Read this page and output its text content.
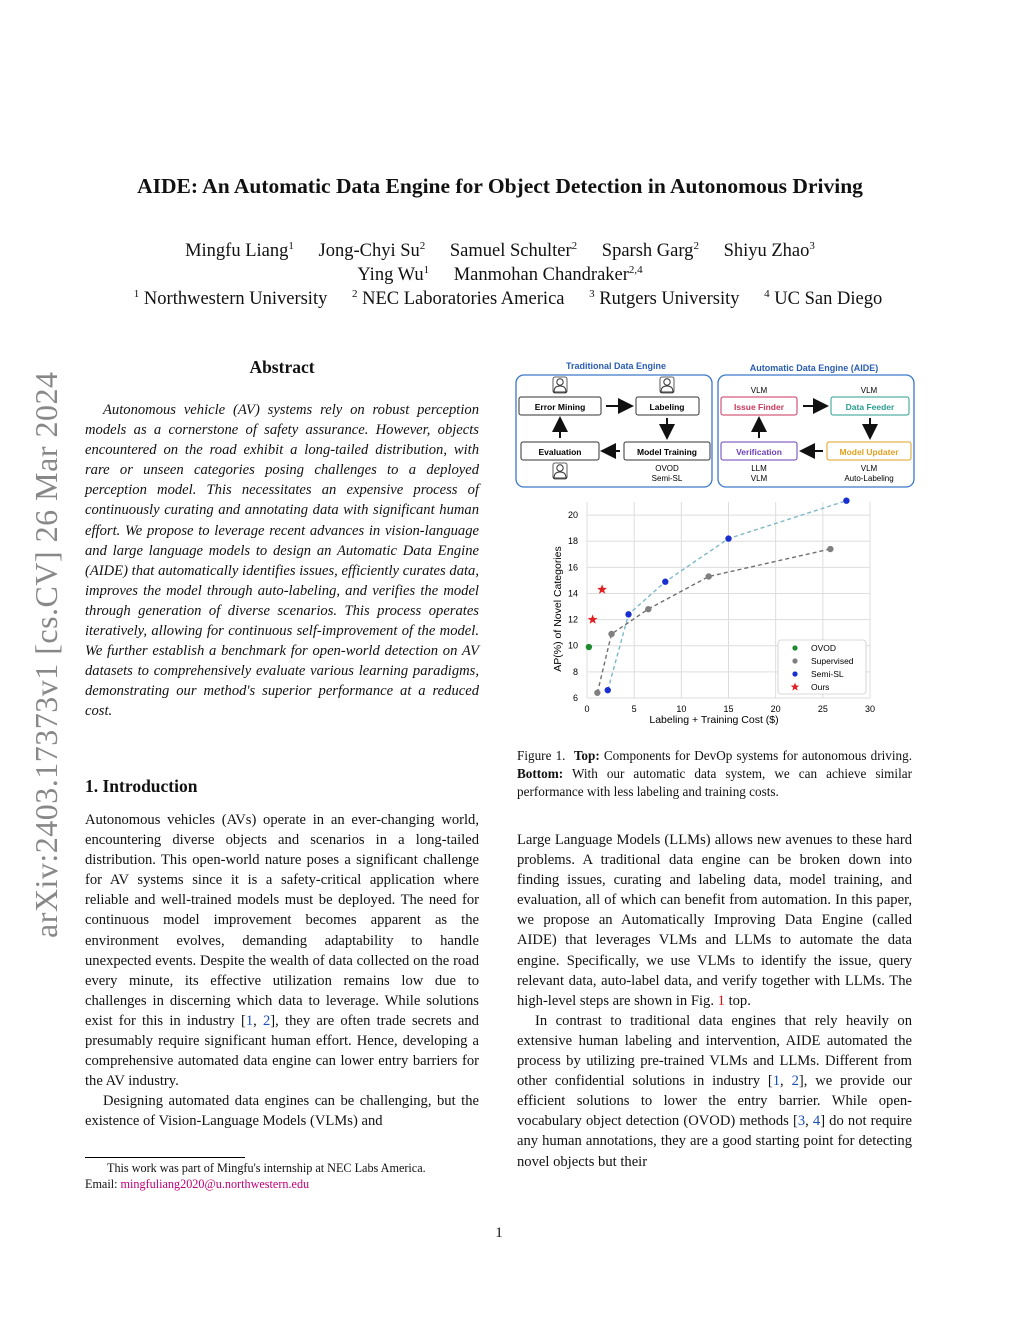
AIDE: An Automatic Data Engine for Object Detection in Autonomous Driving
Mingfu Liang$^1$ Jong-Chyi Su$^2$ Samuel Schulter$^2$ Sparsh Garg$^2$ Shiyu Zhao$^3$
Ying Wu$^1$ Manmohan Chandraker$^{2,4}$
$^1$ Northwestern University $^2$ NEC Laboratories America $^3$ Rutgers University $^4$ UC San Diego
arXiv:2403.17373v1 [cs.CV] 26 Mar 2024
Abstract

Autonomous vehicle (AV) systems rely on robust perception models as a cornerstone of safety assurance. However, objects encountered on the road exhibit a long-tailed distribution, with rare or unseen categories posing challenges to a deployed perception model. This necessitates an expensive process of continuously curating and annotating data with significant human effort. We propose to leverage recent advances in vision-language and large language models to design an Automatic Data Engine (AIDE) that automatically identifies issues, efficiently curates data, improves the model through auto-labeling, and verifies the model through generation of diverse scenarios. This process operates iteratively, allowing for continuous self-improvement of the model. We further establish a benchmark for open-world detection on AV datasets to comprehensively evaluate various learning paradigms, demonstrating our method's superior performance at a reduced cost.

1. Introduction

Autonomous vehicles (AVs) operate in an ever-changing world, encountering diverse objects and scenarios in a long-tailed distribution. This open-world nature poses a significant challenge for AV systems since it is a safety-critical application where reliable and well-trained models must be deployed. The need for continuous model improvement becomes apparent as the environment evolves, demanding adaptability to handle unexpected events. Despite the wealth of data collected on the road every minute, its effective utilization remains low due to challenges in discerning which data to leverage. While solutions exist for this in industry [1, 2], they are often trade secrets and presumably require significant human effort. Hence, developing a comprehensive automated data engine can lower entry barriers for the AV industry.

Designing automated data engines can be challenging, but the existence of Vision-Language Models (VLMs) and

This work was part of Mingfu's internship at NEC Labs America.
Email: mingfuliang2020@u.northwestern.edu
Traditional Data Engine	Automatic Data Engine (AIDE)
Error Mining	Labeling
Evaluation	Model Training
OVOD
Semi-SL
VLM	VLM
Issue Finder	Data Feeder
Verification	Model Updater
LLM
VLM
VLM
Auto-Labeling
0	5	10	15	20	25	30
6
8
10
12
14
16
18
20
Labeling + Training Cost ($)
AP(%) of Novel Categories	OVOD
Supervised
Semi-SL
Ours
Figure 1. Top: Components for DevOp systems for autonomous driving. Bottom: With our automatic data system, we can achieve similar performance with less labeling and training costs.

Large Language Models (LLMs) allows new avenues to these hard problems. A traditional data engine can be broken down into finding issues, curating and labeling data, model training, and evaluation, all of which can benefit from automation. In this paper, we propose an Automatically Improving Data Engine (called AIDE) that leverages VLMs and LLMs to automate the data engine. Specifically, we use VLMs to identify the issue, query relevant data, auto-label data, and verify together with LLMs. The high-level steps are shown in Fig. 1 top.

In contrast to traditional data engines that rely heavily on extensive human labeling and intervention, AIDE automated the process by utilizing pre-trained VLMs and LLMs. Different from other confidential solutions in industry [1, 2], we provide our efficient solutions to lower the entry barrier. While open-vocabulary object detection (OVOD) methods [3, 4] do not require any human annotations, they are a good starting point for detecting novel objects but their

1
